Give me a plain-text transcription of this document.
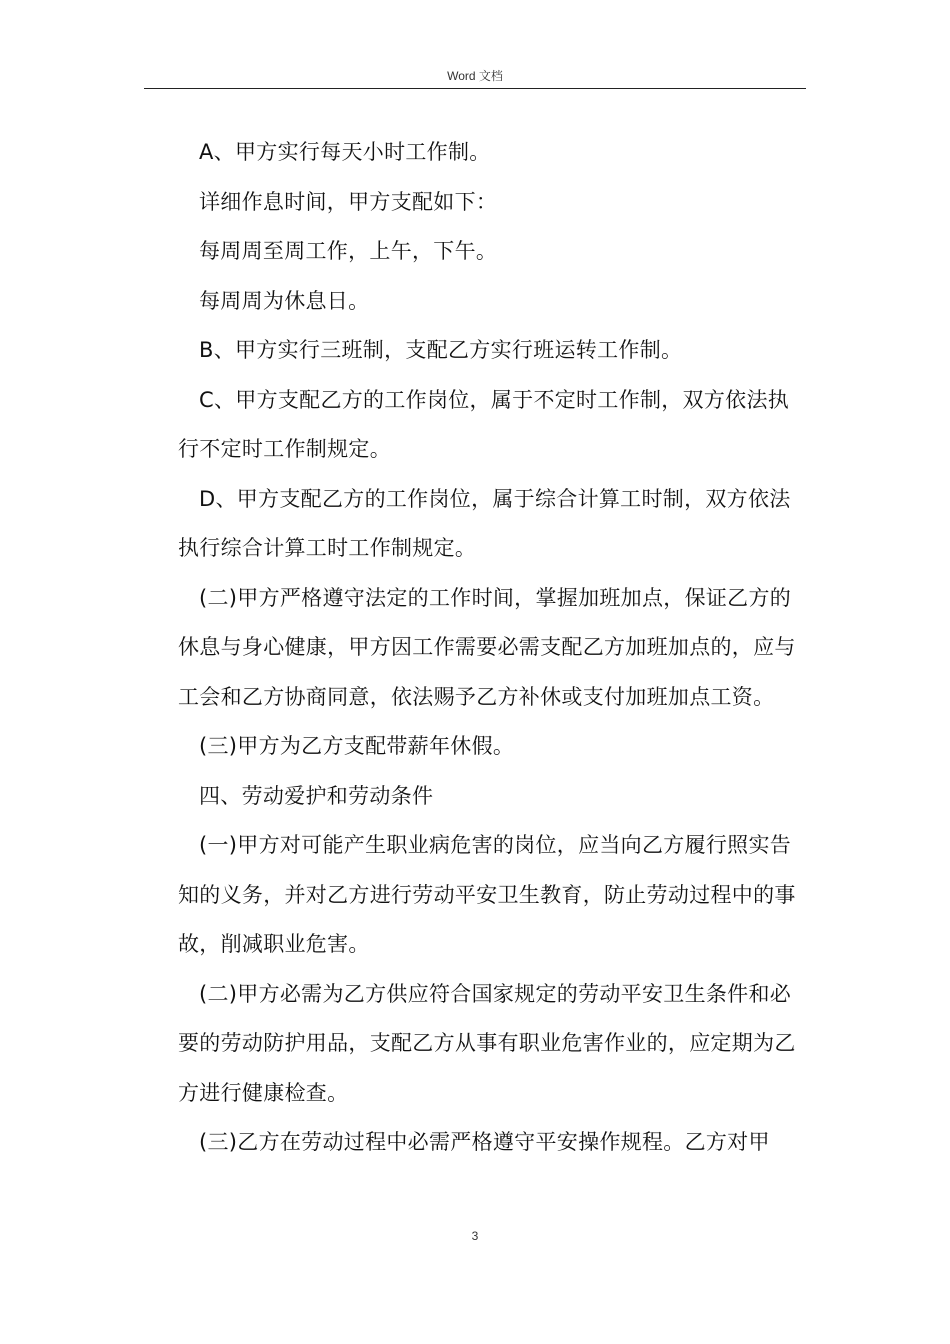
Word 文档

A、甲方实行每天小时工作制。

详细作息时间，甲方支配如下：

每周周至周工作，上午，下午。

每周周为休息日。

B、甲方实行三班制，支配乙方实行班运转工作制。

C、甲方支配乙方的工作岗位，属于不定时工作制，双方依法执行不定时工作制规定。

D、甲方支配乙方的工作岗位，属于综合计算工时制，双方依法执行综合计算工时工作制规定。

(二)甲方严格遵守法定的工作时间，掌握加班加点，保证乙方的休息与身心健康，甲方因工作需要必需支配乙方加班加点的，应与工会和乙方协商同意，依法赐予乙方补休或支付加班加点工资。

(三)甲方为乙方支配带薪年休假。

四、劳动爱护和劳动条件

(一)甲方对可能产生职业病危害的岗位，应当向乙方履行照实告知的义务，并对乙方进行劳动平安卫生教育，防止劳动过程中的事故，削减职业危害。

(二)甲方必需为乙方供应符合国家规定的劳动平安卫生条件和必要的劳动防护用品，支配乙方从事有职业危害作业的，应定期为乙方进行健康检查。

(三)乙方在劳动过程中必需严格遵守平安操作规程。乙方对甲

3
